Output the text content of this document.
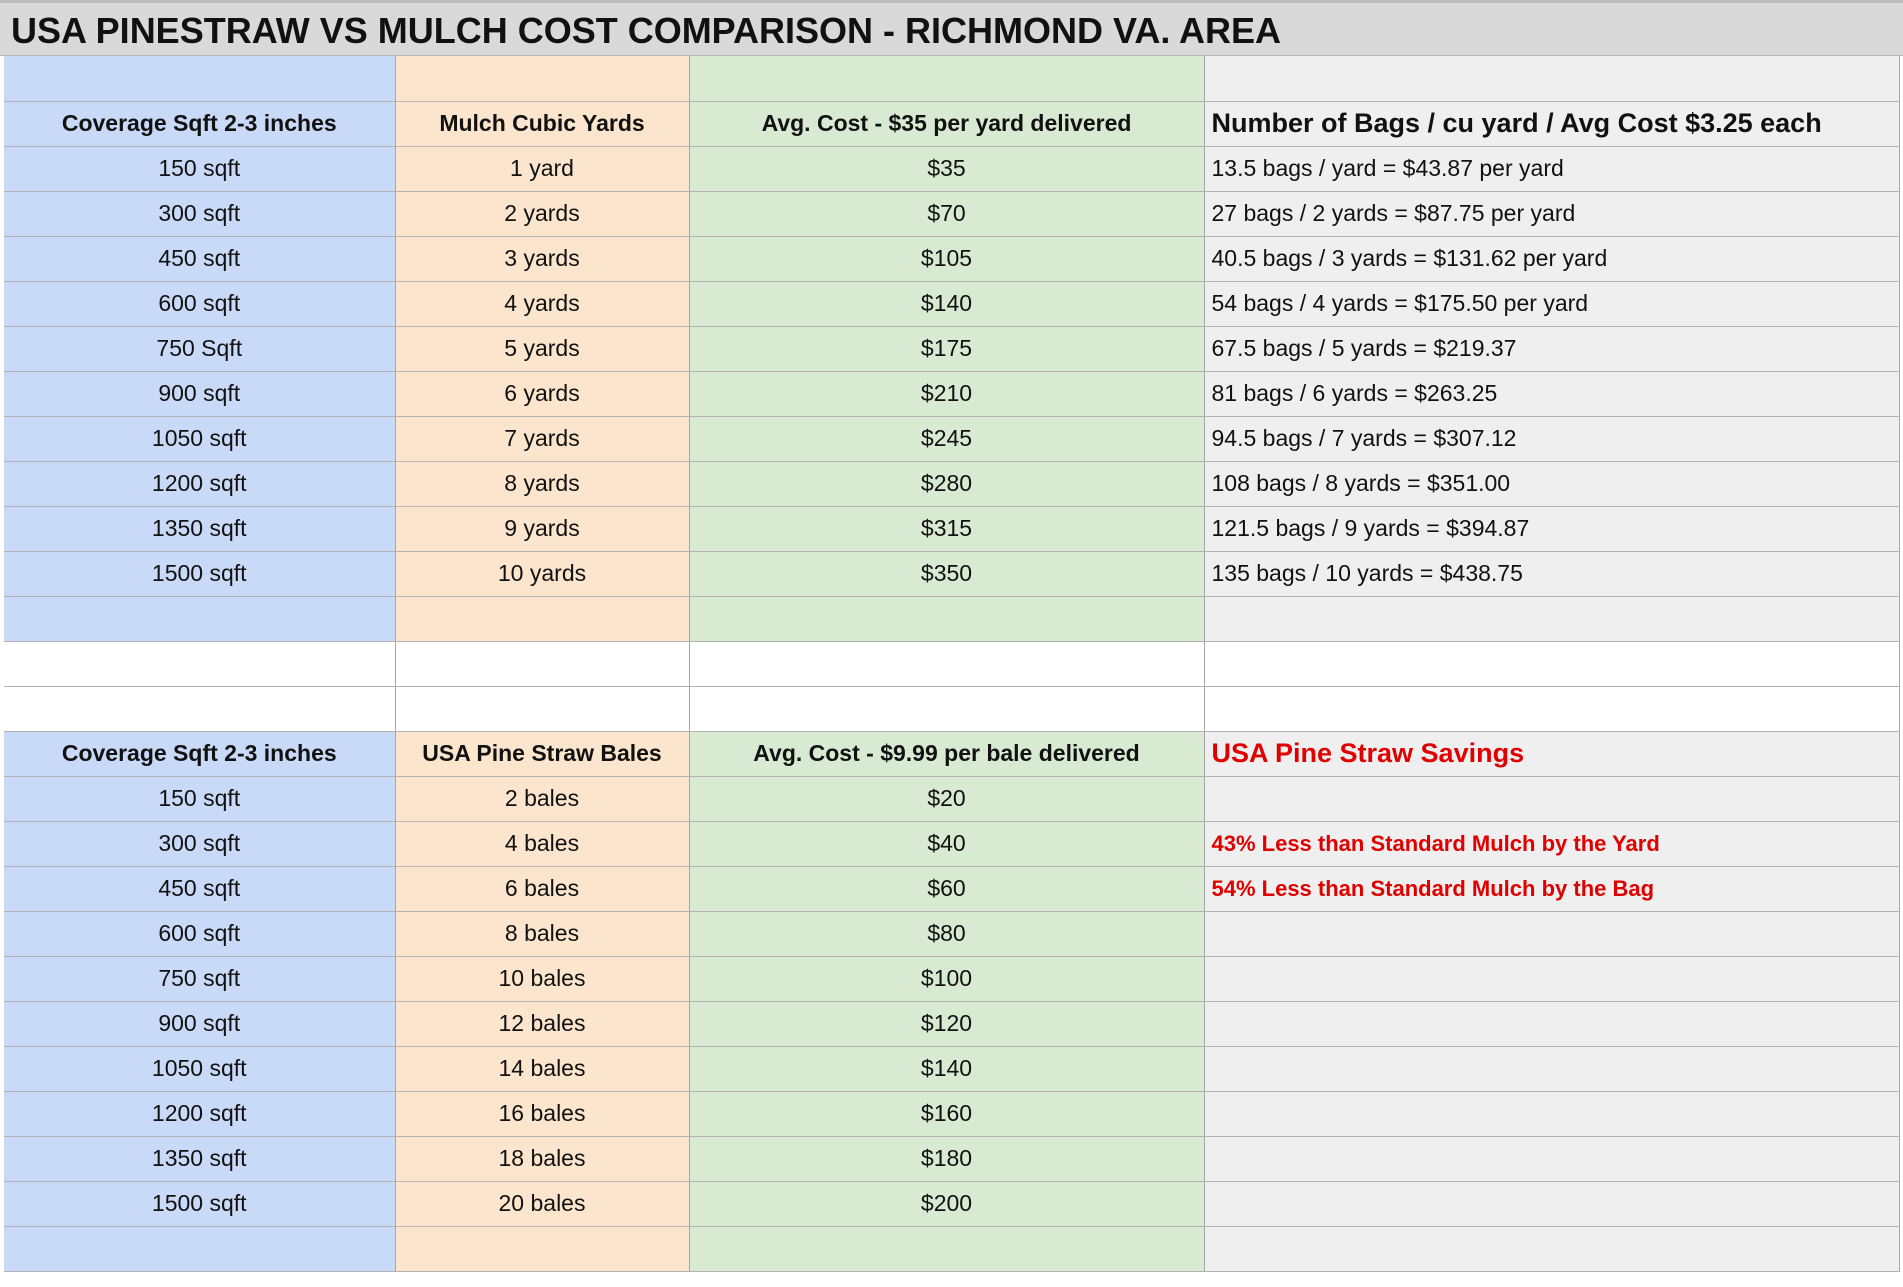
USA PINESTRAW VS MULCH COST COMPARISON - RICHMOND VA. AREA

Coverage Sqft 2-3 inches	Mulch Cubic Yards	Avg. Cost - $35 per yard delivered	Number of Bags / cu yard / Avg Cost $3.25 each
150 sqft	1 yard	$35	13.5 bags / yard = $43.87 per yard
300 sqft	2 yards	$70	27 bags / 2 yards = $87.75 per yard
450 sqft	3 yards	$105	40.5 bags / 3 yards = $131.62 per yard
600 sqft	4 yards	$140	54 bags / 4 yards = $175.50 per yard
750 Sqft	5 yards	$175	67.5 bags / 5 yards = $219.37
900 sqft	6 yards	$210	81 bags / 6 yards = $263.25
1050 sqft	7 yards	$245	94.5 bags / 7 yards = $307.12
1200 sqft	8 yards	$280	108 bags / 8 yards = $351.00
1350 sqft	9 yards	$315	121.5 bags / 9 yards = $394.87
1500 sqft	10 yards	$350	135 bags / 10 yards = $438.75

Coverage Sqft 2-3 inches	USA Pine Straw Bales	Avg. Cost - $9.99 per bale delivered	USA Pine Straw Savings
150 sqft	2 bales	$20	
300 sqft	4 bales	$40	43% Less than Standard Mulch by the Yard
450 sqft	6 bales	$60	54% Less than Standard Mulch by the Bag
600 sqft	8 bales	$80	
750 sqft	10 bales	$100	
900 sqft	12 bales	$120	
1050 sqft	14 bales	$140	
1200 sqft	16 bales	$160	
1350 sqft	18 bales	$180	
1500 sqft	20 bales	$200	
